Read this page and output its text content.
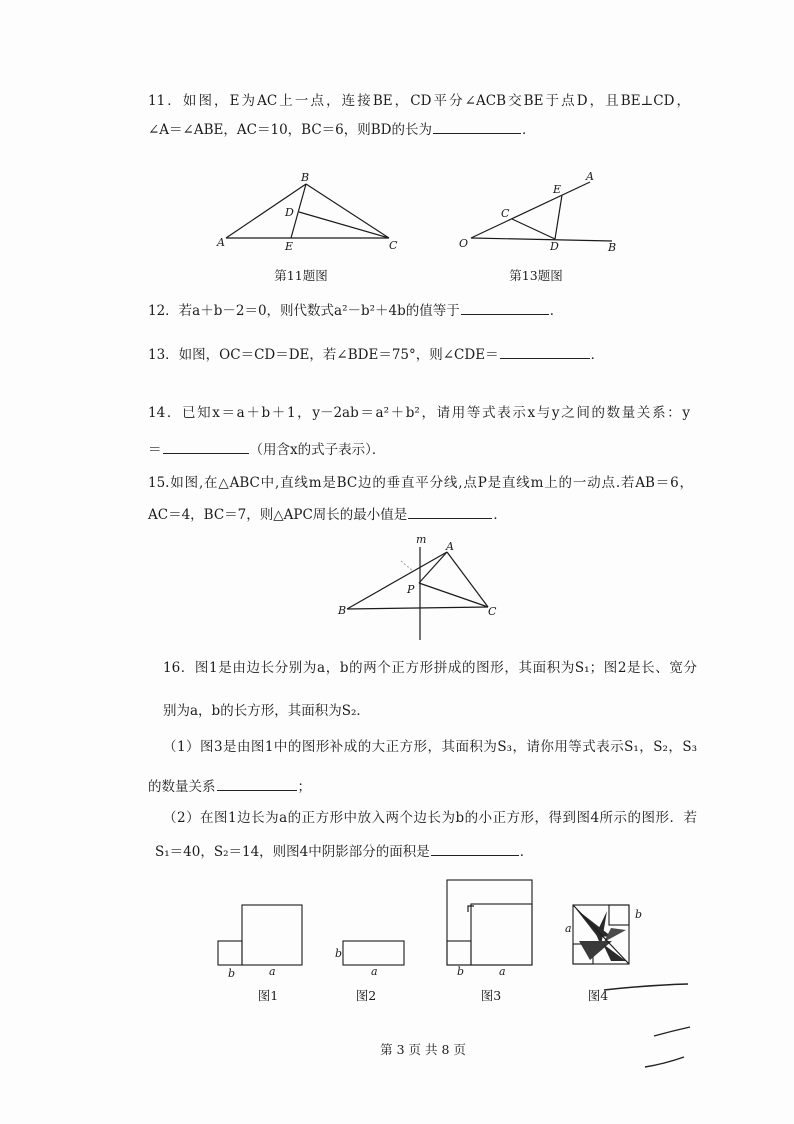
A
B
C
D
E	O
A
B
C
D
E
m
A
B	C
P
b	a
b
a	b	a
a
b
11．如图，E为AC上一点，连接BE，CD平分∠ACB交BE于点D，且BE⊥CD，
∠A＝∠ABE，AC＝10，BC＝6，则BD的长为	．
第11题图	第13题图
12．若a＋b－2＝0，则代数式a²－b²＋4b的值等于	．
13．如图，OC＝CD＝DE，若∠BDE＝75°，则∠CDE＝	．
14．已知x＝a＋b＋1，y－2ab＝a²＋b²，请用等式表示x与y之间的数量关系：y
＝	（用含x的式子表示）．
15.如图,在△ABC中,直线m是BC边的垂直平分线,点P是直线m上的一动点.若AB＝6，
AC＝4，BC＝7，则△APC周长的最小值是	．
16．图1是由边长分别为a，b的两个正方形拼成的图形，其面积为S₁；图2是长、宽分
别为a，b的长方形，其面积为S₂．
（1）图3是由图1中的图形补成的大正方形，其面积为S₃，请你用等式表示S₁，S₂，S₃
的数量关系	；
（2）在图1边长为a的正方形中放入两个边长为b的小正方形，得到图4所示的图形．若
S₁＝40，S₂＝14，则图4中阴影部分的面积是	．
图1	图2	图3	图4
第 3 页 共 8 页
